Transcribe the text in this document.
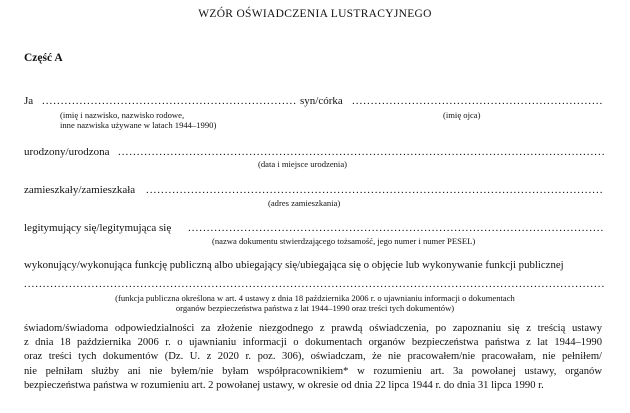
WZÓR OŚWIADCZENIA LUSTRACYJNEGO
Część A
Ja
.....	syn/córka
.....
(imię i nazwisko, nazwisko rodowe,
inne nazwiska używane w latach 1944–1990)
(imię ojca)
urodzony/urodzona
.....
(data i miejsce urodzenia)
zamieszkały/zamieszkała
.....
(adres zamieszkania)
legitymujący się/legitymująca się
.....
(nazwa dokumentu stwierdzającego tożsamość, jego numer i numer PESEL)
wykonujący/wykonująca funkcję publiczną albo ubiegający się/ubiegająca się o objęcie lub wykonywanie funkcji publicznej
.....
(funkcja publiczna określona w art. 4 ustawy z dnia 18 października 2006 r. o ujawnianiu informacji o dokumentach
organów bezpieczeństwa państwa z lat 1944–1990 oraz treści tych dokumentów)
świadom/świadoma odpowiedzialności za złożenie niezgodnego z prawdą oświadczenia, po zapoznaniu się z treścią ustawy
z dnia 18 października 2006 r. o ujawnianiu informacji o dokumentach organów bezpieczeństwa państwa z lat 1944–1990
oraz treści tych dokumentów (Dz. U. z 2020 r. poz. 306), oświadczam, że nie pracowałem/nie pracowałam, nie pełniłem/
nie pełniłam służby ani nie byłem/nie byłam współpracownikiem* w rozumieniu art. 3a powołanej ustawy, organów
bezpieczeństwa państwa w rozumieniu art. 2 powołanej ustawy, w okresie od dnia 22 lipca 1944 r. do dnia 31 lipca 1990 r.
